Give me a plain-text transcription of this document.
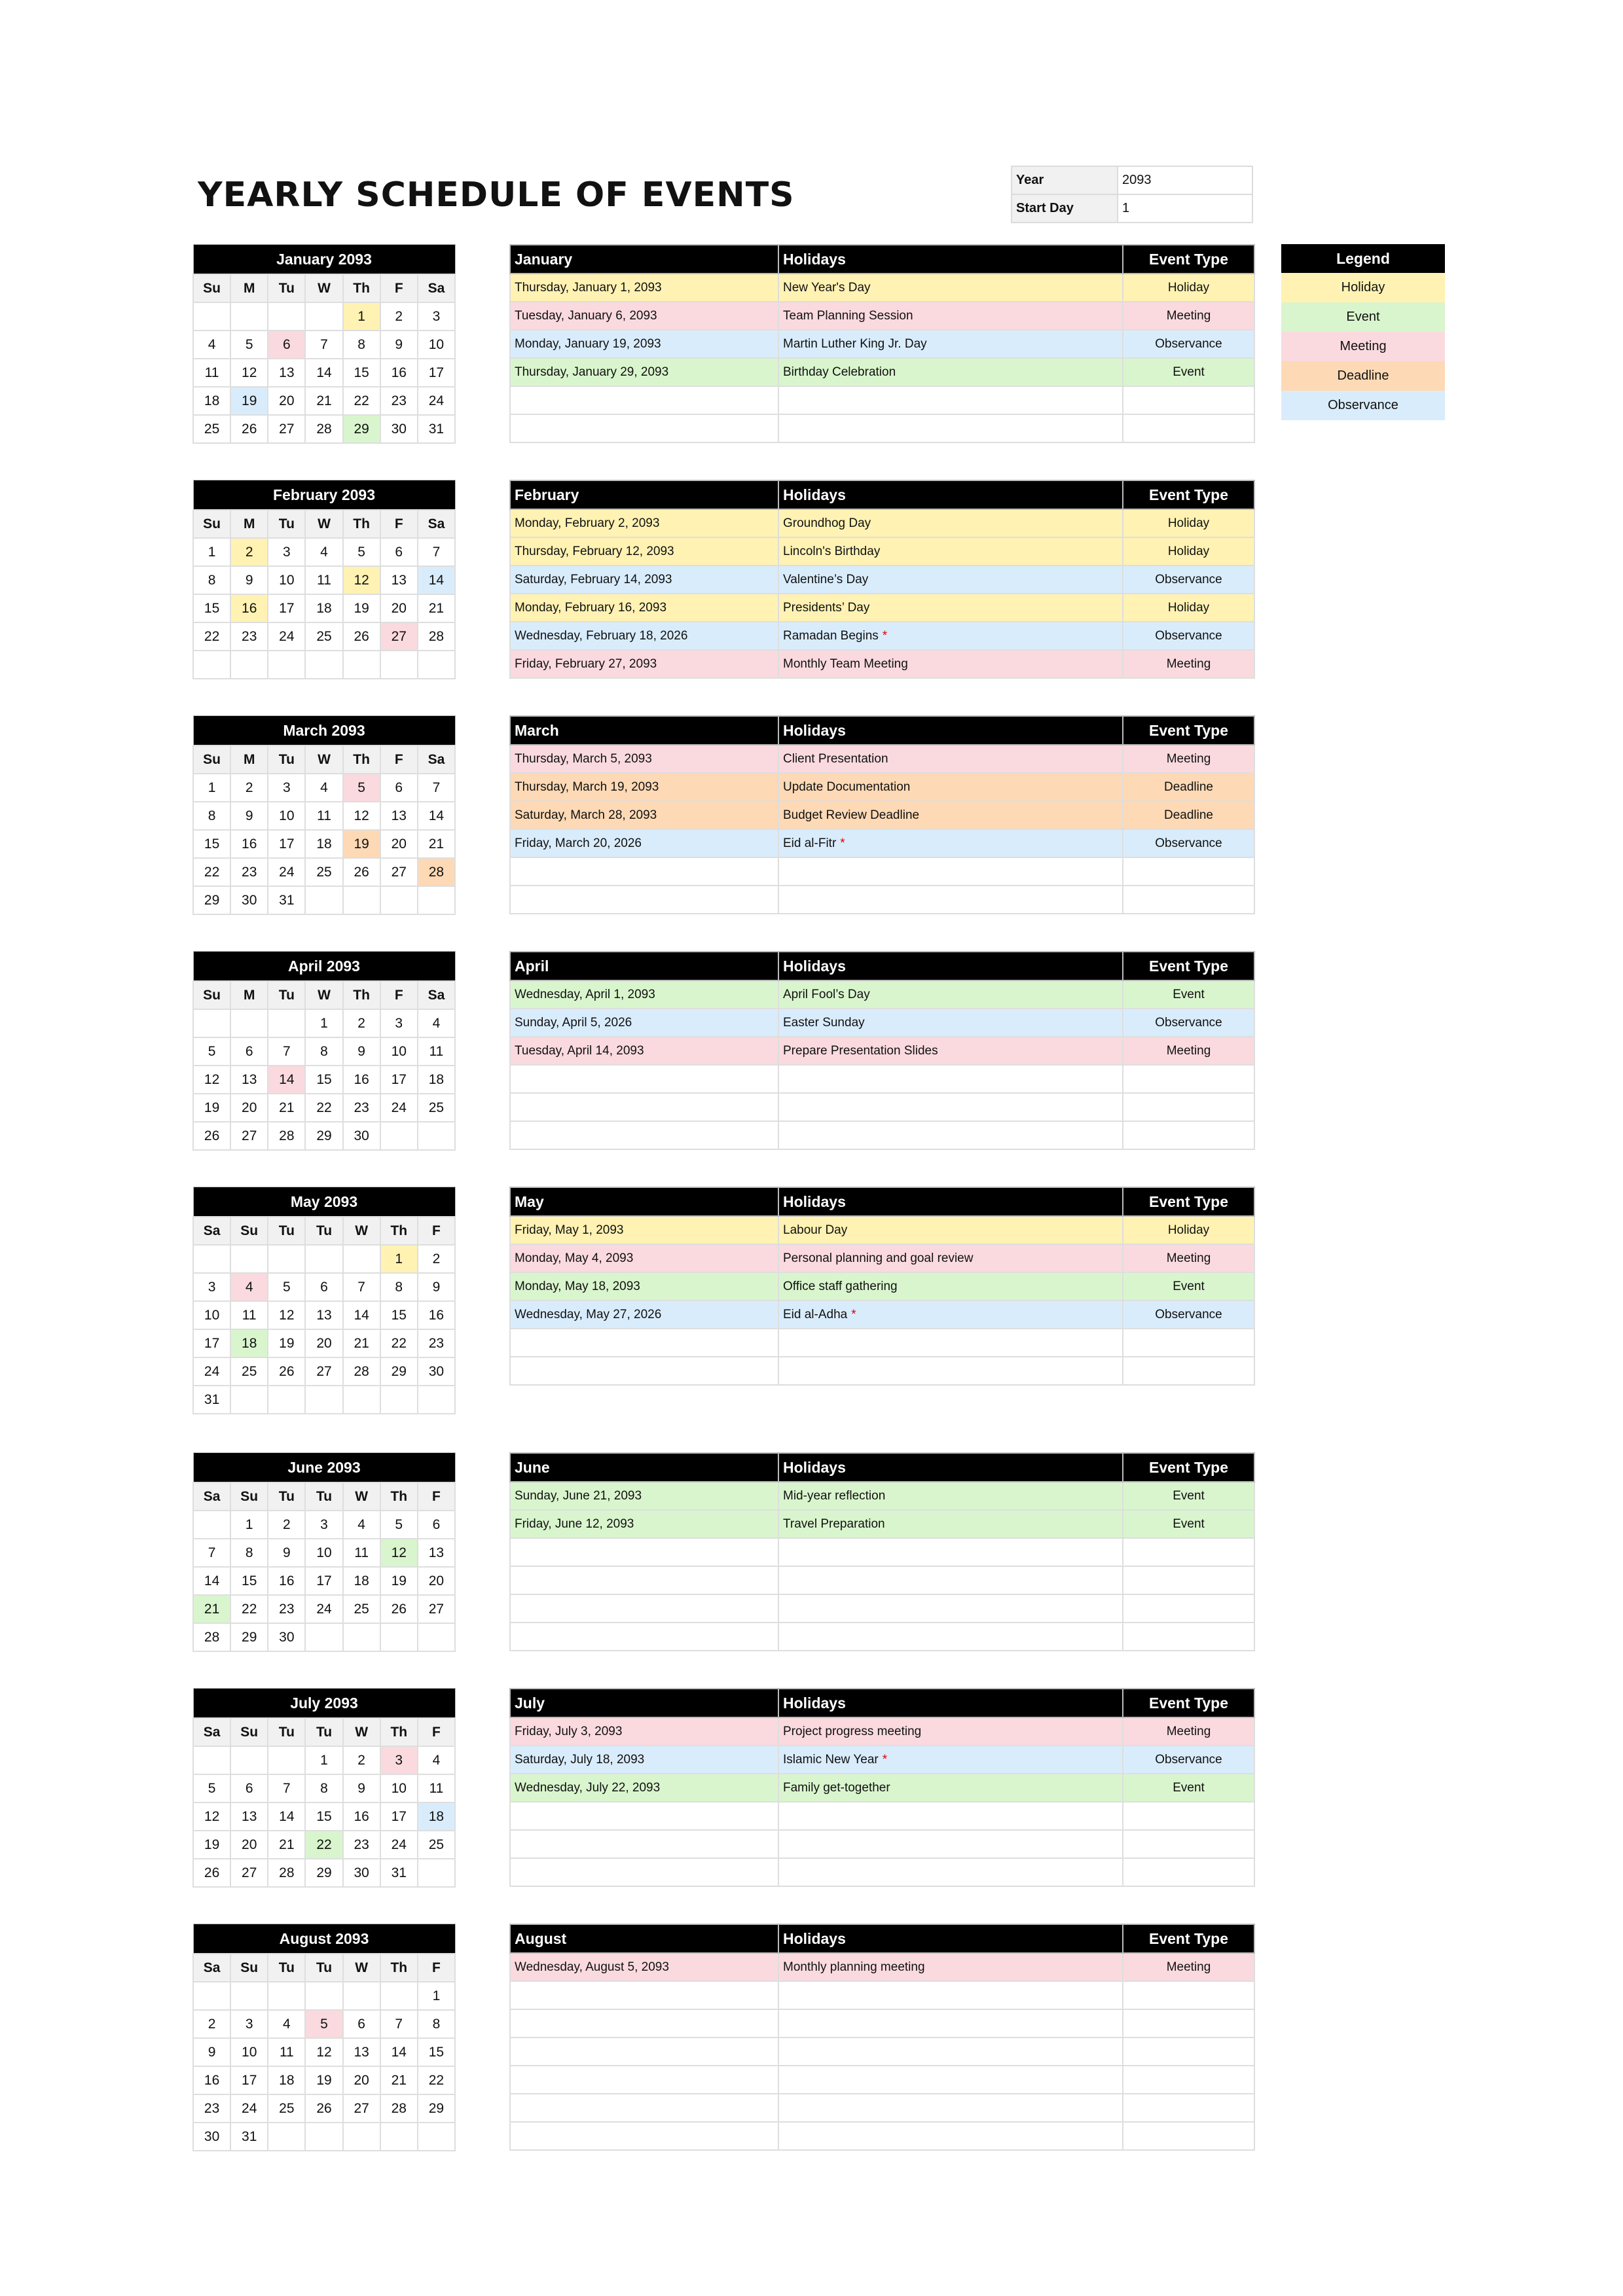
YEARLY SCHEDULE OF EVENTS	Year	2093
Start Day	1
Legend
Holiday
Event
Meeting
Deadline
Observance
January 2093						
Su	M	Tu	W	Th	F	Sa
				1	2	3
4	5	6	7	8	9	10
11	12	13	14	15	16	17
18	19	20	21	22	23	24
25	26	27	28	29	30	31
January	Holidays	Event Type
Thursday, January 1, 2093	New Year's Day	Holiday
Tuesday, January 6, 2093	Team Planning Session	Meeting
Monday, January 19, 2093	Martin Luther King Jr. Day	Observance
Thursday, January 29, 2093	Birthday Celebration	Event

February 2093						
Su	M	Tu	W	Th	F	Sa
1	2	3	4	5	6	7
8	9	10	11	12	13	14
15	16	17	18	19	20	21
22	23	24	25	26	27	28

February	Holidays	Event Type
Monday, February 2, 2093	Groundhog Day	Holiday
Thursday, February 12, 2093	Lincoln's Birthday	Holiday
Saturday, February 14, 2093	Valentine’s Day	Observance
Monday, February 16, 2093	Presidents’ Day	Holiday
Wednesday, February 18, 2026	Ramadan Begins *	Observance
Friday, February 27, 2093	Monthly Team Meeting	Meeting
March 2093						
Su	M	Tu	W	Th	F	Sa
1	2	3	4	5	6	7
8	9	10	11	12	13	14
15	16	17	18	19	20	21
22	23	24	25	26	27	28
29	30	31				
March	Holidays	Event Type
Thursday, March 5, 2093	Client Presentation	Meeting
Thursday, March 19, 2093	Update Documentation	Deadline
Saturday, March 28, 2093	Budget Review Deadline	Deadline
Friday, March 20, 2026	Eid al-Fitr *	Observance

April 2093						
Su	M	Tu	W	Th	F	Sa
			1	2	3	4
5	6	7	8	9	10	11
12	13	14	15	16	17	18
19	20	21	22	23	24	25
26	27	28	29	30		
April	Holidays	Event Type
Wednesday, April 1, 2093	April Fool’s Day	Event
Sunday, April 5, 2026	Easter Sunday	Observance
Tuesday, April 14, 2093	Prepare Presentation Slides	Meeting

May 2093						
Sa	Su	Tu	Tu	W	Th	F
					1	2
3	4	5	6	7	8	9
10	11	12	13	14	15	16
17	18	19	20	21	22	23
24	25	26	27	28	29	30
31						
May	Holidays	Event Type
Friday, May 1, 2093	Labour Day	Holiday
Monday, May 4, 2093	Personal planning and goal review	Meeting
Monday, May 18, 2093	Office staff gathering	Event
Wednesday, May 27, 2026	Eid al-Adha *	Observance

June 2093						
Sa	Su	Tu	Tu	W	Th	F
	1	2	3	4	5	6
7	8	9	10	11	12	13
14	15	16	17	18	19	20
21	22	23	24	25	26	27
28	29	30				
June	Holidays	Event Type
Sunday, June 21, 2093	Mid-year reflection	Event
Friday, June 12, 2093	Travel Preparation	Event

July 2093						
Sa	Su	Tu	Tu	W	Th	F
			1	2	3	4
5	6	7	8	9	10	11
12	13	14	15	16	17	18
19	20	21	22	23	24	25
26	27	28	29	30	31	
July	Holidays	Event Type
Friday, July 3, 2093	Project progress meeting	Meeting
Saturday, July 18, 2093	Islamic New Year *	Observance
Wednesday, July 22, 2093	Family get-together	Event

August 2093						
Sa	Su	Tu	Tu	W	Th	F
						1
2	3	4	5	6	7	8
9	10	11	12	13	14	15
16	17	18	19	20	21	22
23	24	25	26	27	28	29
30	31					
August	Holidays	Event Type
Wednesday, August 5, 2093	Monthly planning meeting	Meeting
